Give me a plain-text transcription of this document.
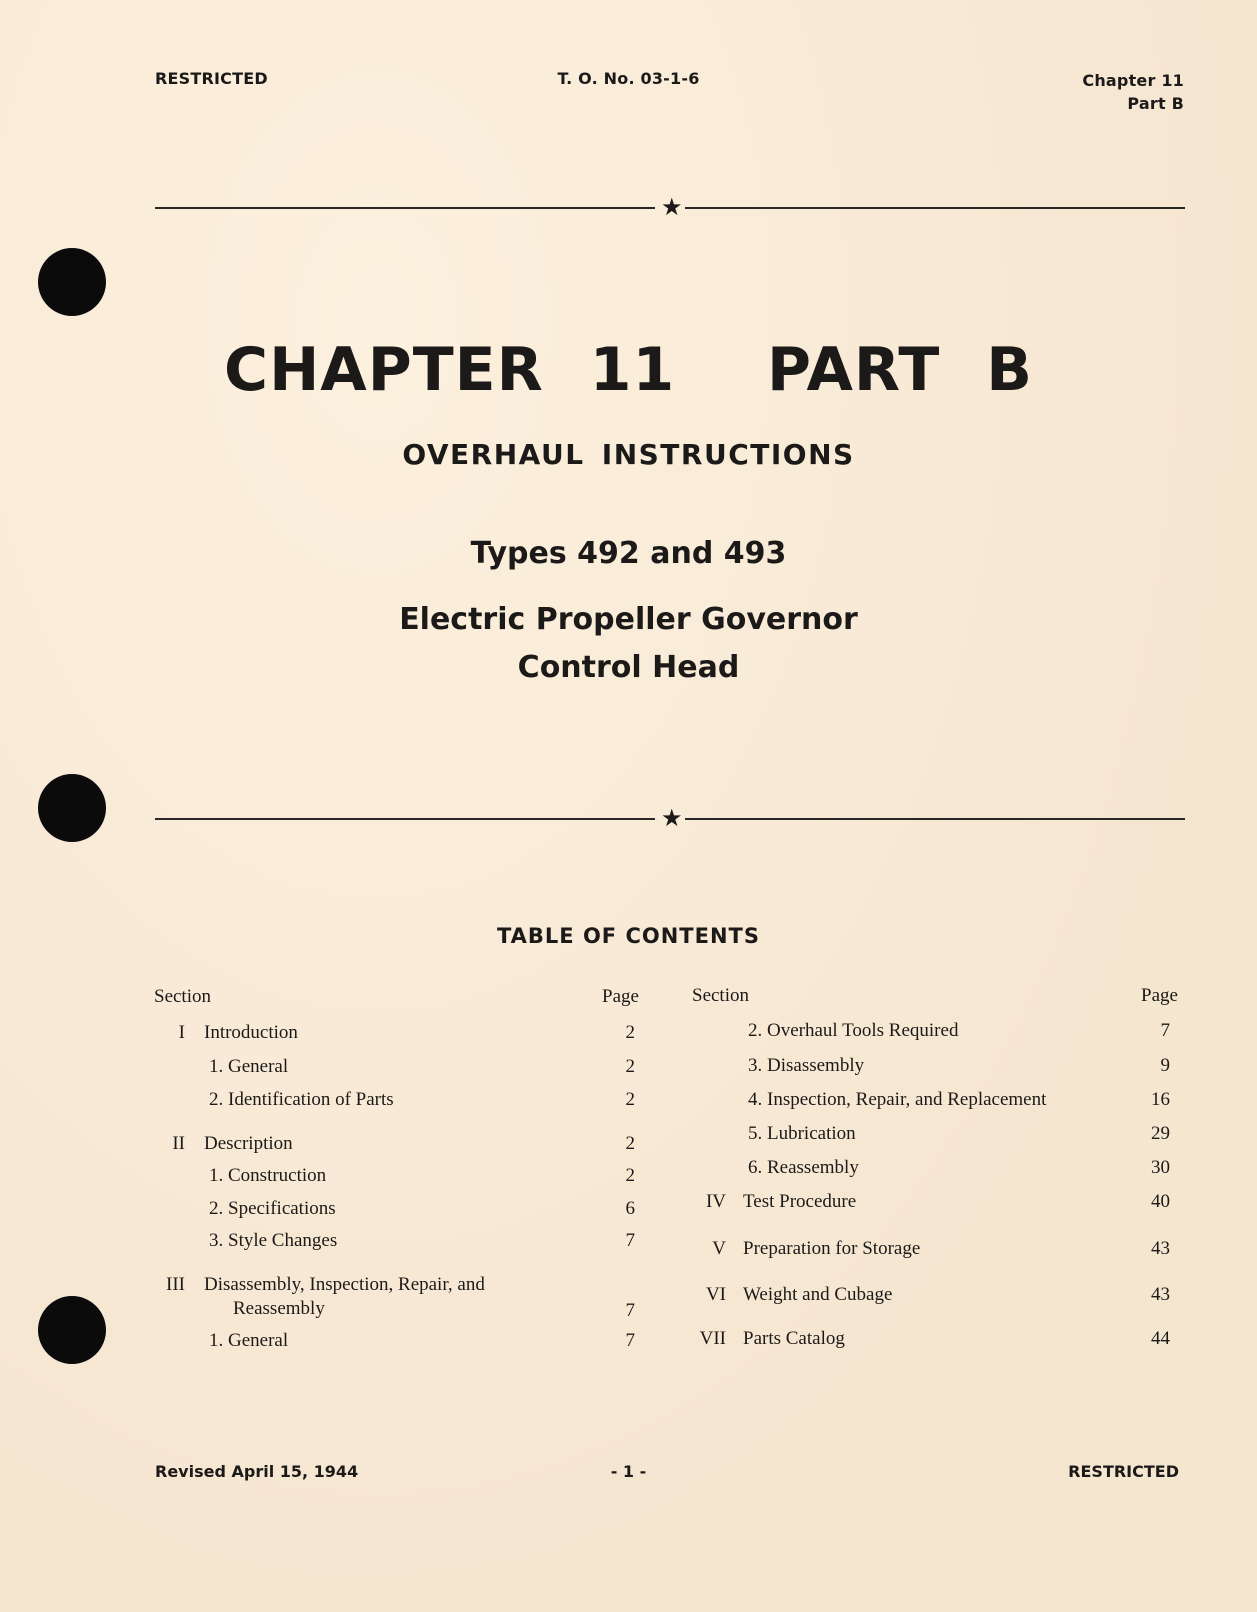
RESTRICTED	T. O. No. 03-1-6	Chapter 11
Part B
★
CHAPTER 11  PART B
OVERHAUL INSTRUCTIONS
Types 492 and 493
Electric Propeller Governor
Control Head
★
TABLE OF CONTENTS
Section	Page
I Introduction	2
1. General	2
2. Identification of Parts	2
II Description	2
1. Construction	2
2. Specifications	6
3. Style Changes	7
III Disassembly, Inspection, Repair, and
Reassembly	7
1. General	7
Section	Page
2. Overhaul Tools Required	7
3. Disassembly	9
4. Inspection, Repair, and Replacement	16
5. Lubrication	29
6. Reassembly	30
IV Test Procedure	40
V Preparation for Storage	43
VI Weight and Cubage	43
VII Parts Catalog	44
Revised April 15, 1944	- 1 -	RESTRICTED
